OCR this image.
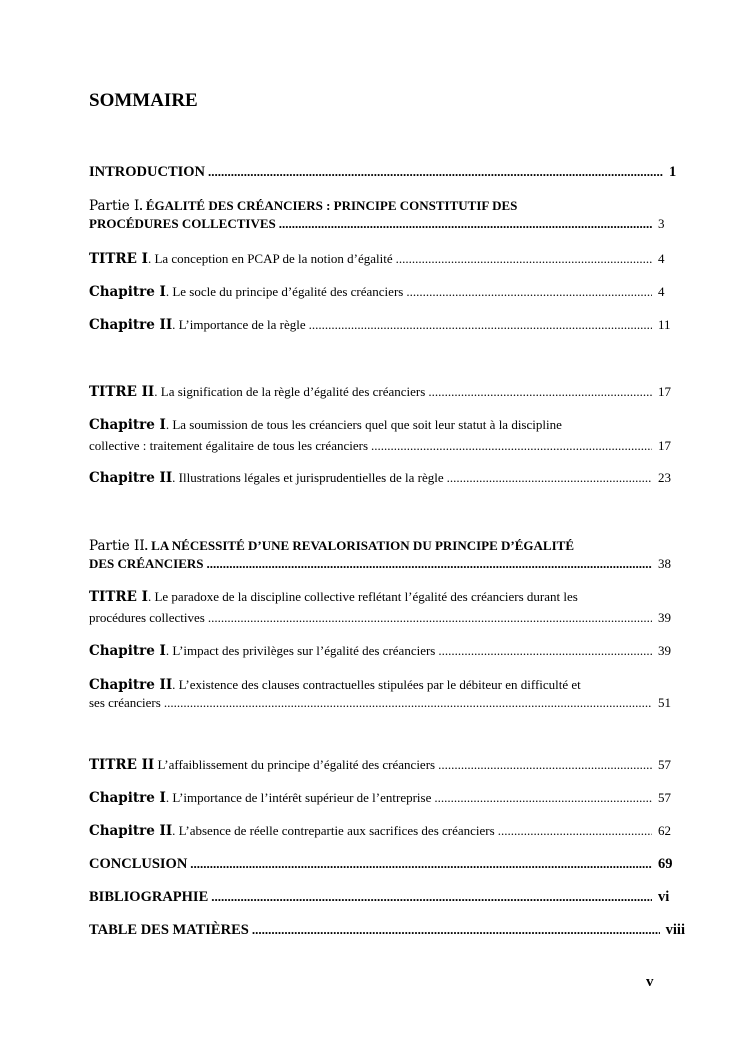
SOMMAIRE
INTRODUCTION .....	1
Partie I. ÉGALITÉ DES CRÉANCIERS : PRINCIPE CONSTITUTIF DES
PROCÉDURES COLLECTIVES .....	3
TITRE I. La conception en PCAP de la notion d’égalité .....	4
Chapitre I. Le socle du principe d’égalité des créanciers .....	4
Chapitre II. L’importance de la règle .....	11
TITRE II. La signification de la règle d’égalité des créanciers .....	17
Chapitre I. La soumission de tous les créanciers quel que soit leur statut à la discipline
collective : traitement égalitaire de tous les créanciers .....	17
Chapitre II. Illustrations légales et jurisprudentielles de la règle .....	23
Partie II. LA NÉCESSITÉ D’UNE REVALORISATION DU PRINCIPE D’ÉGALITÉ
DES CRÉANCIERS .....	38
TITRE I. Le paradoxe de la discipline collective reflétant l’égalité des créanciers durant les
procédures collectives .....	39
Chapitre I. L’impact des privilèges sur l’égalité des créanciers .....	39
Chapitre II. L’existence des clauses contractuelles stipulées par le débiteur en difficulté et
ses créanciers .....	51
TITRE II L’affaiblissement du principe d’égalité des créanciers .....	57
Chapitre I. L’importance de l’intérêt supérieur de l’entreprise .....	57
Chapitre II. L’absence de réelle contrepartie aux sacrifices des créanciers .....	62
CONCLUSION .....	69
BIBLIOGRAPHIE .....	vi
TABLE DES MATIÈRES .....	viii
v
